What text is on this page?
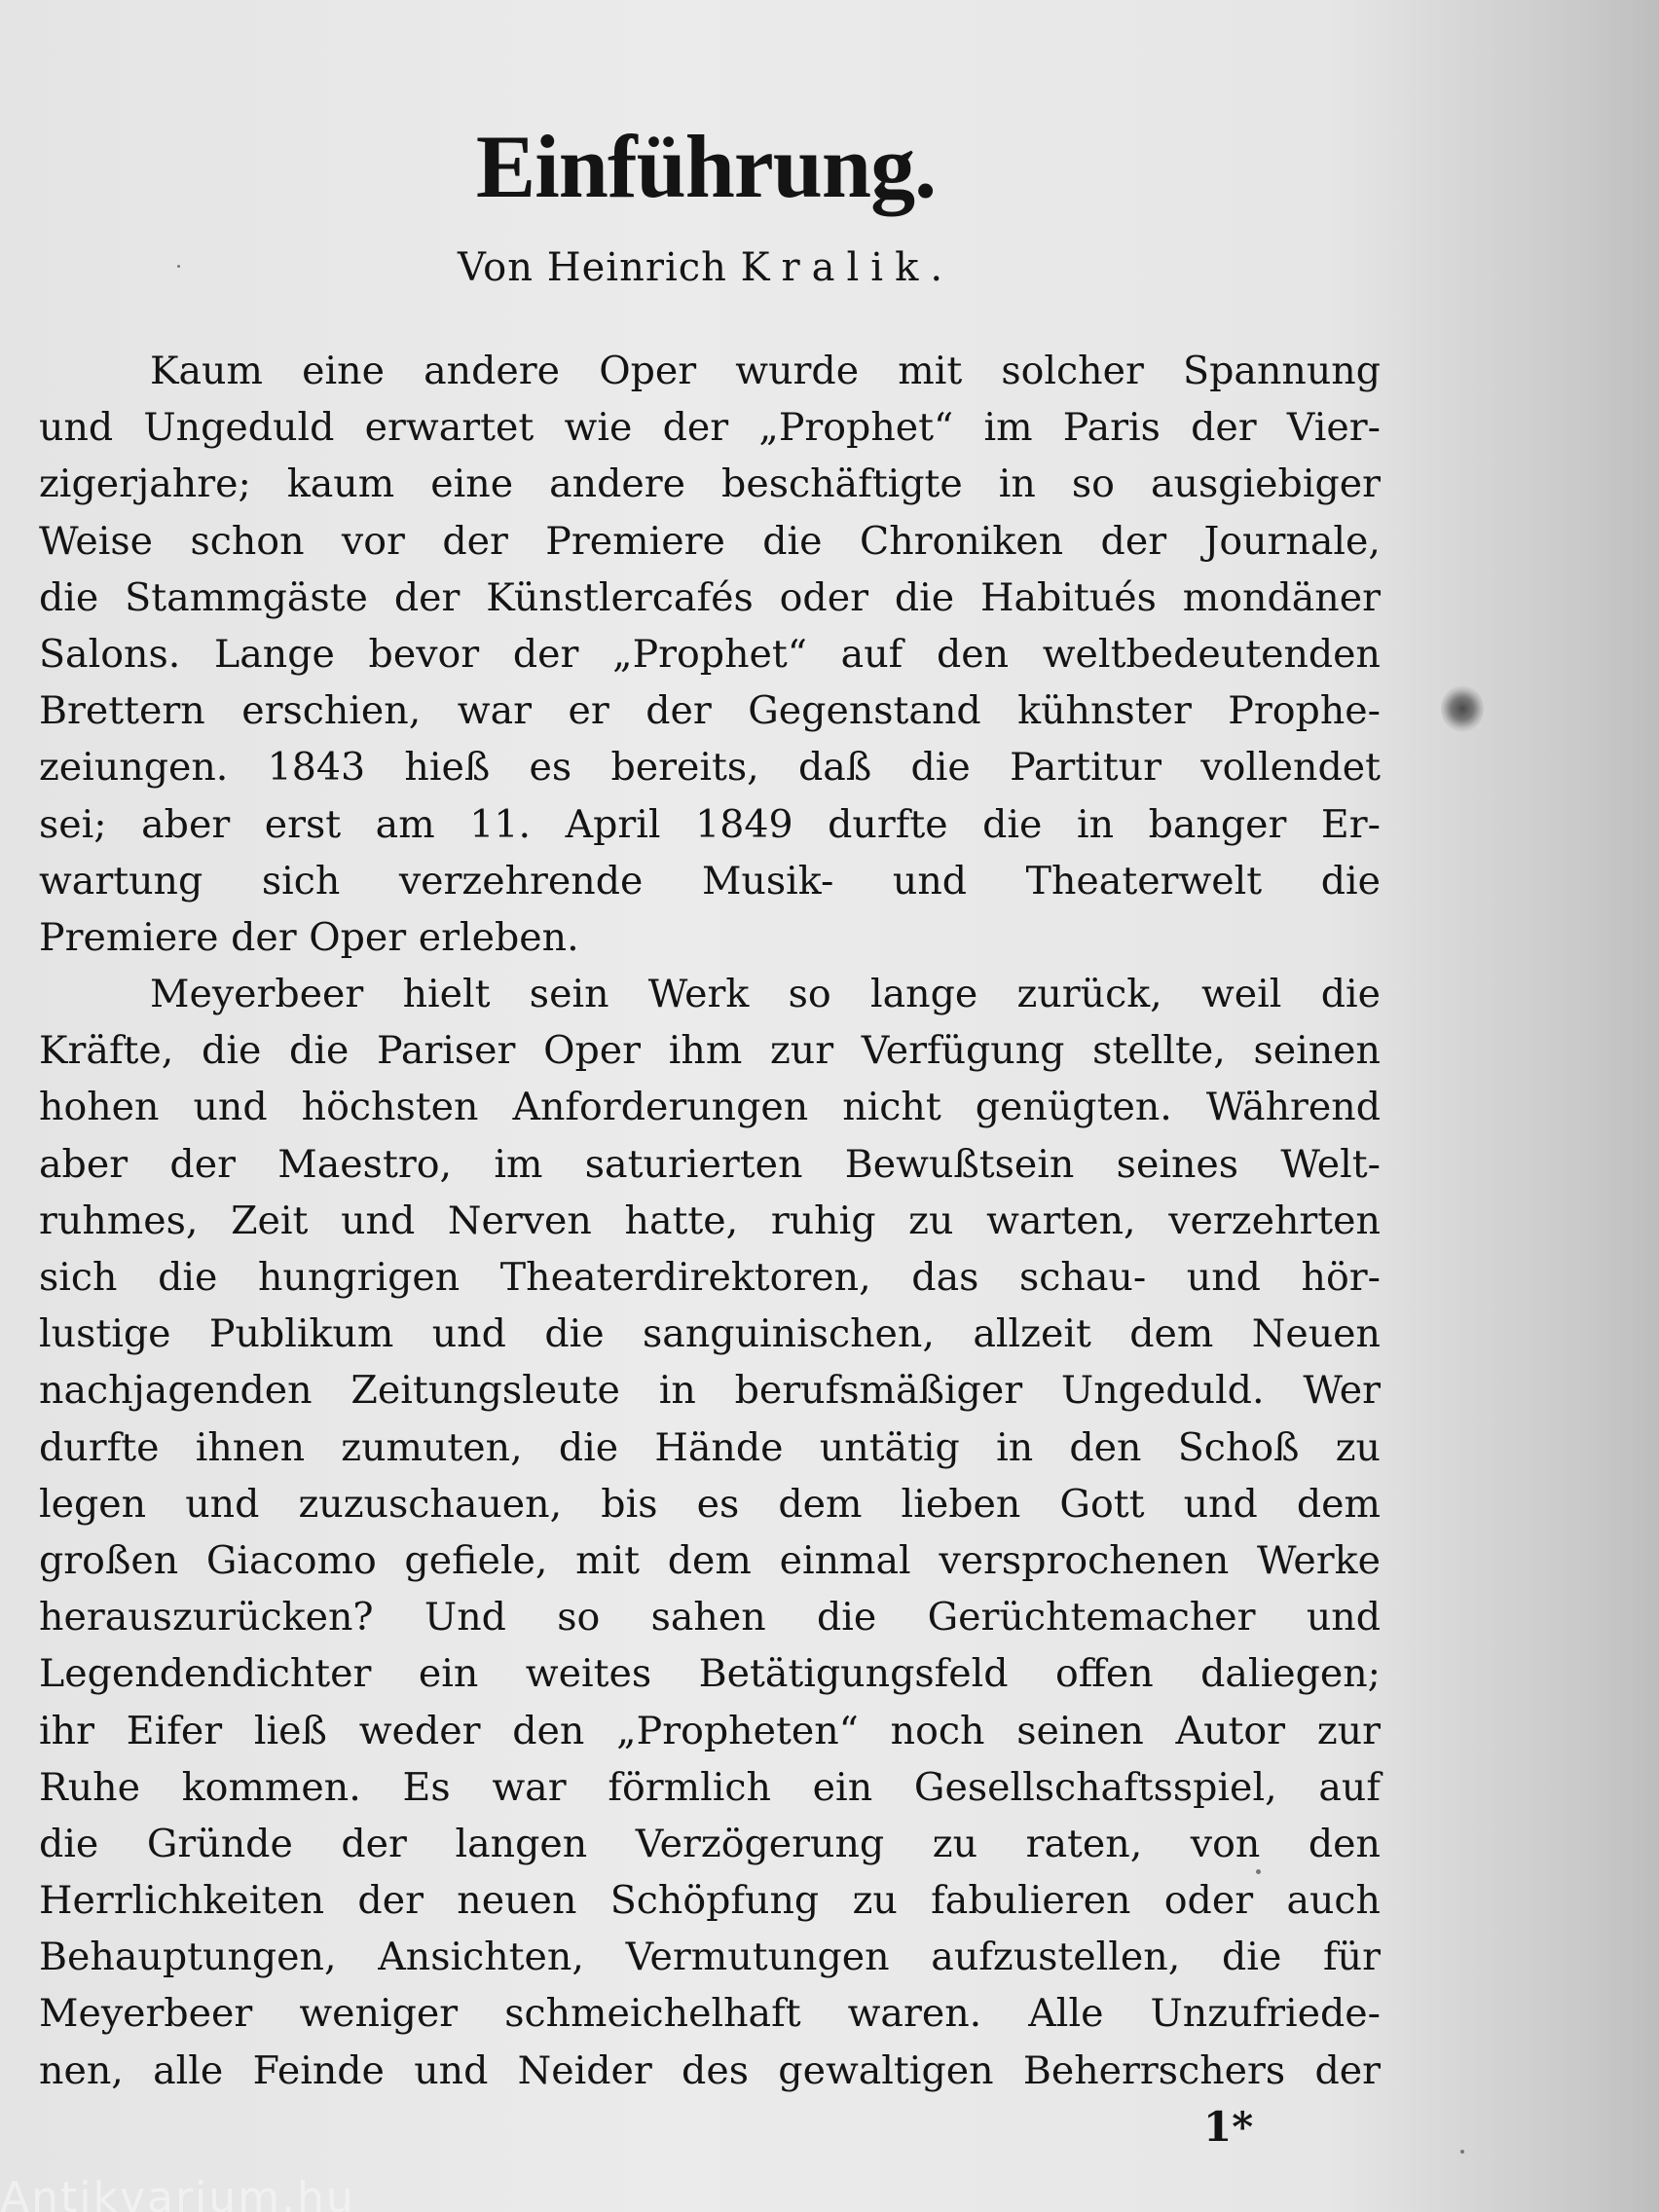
Einführung.

Von Heinrich Kralik.

Kaum eine andere Oper wurde mit solcher Spannung
und Ungeduld erwartet wie der „Prophet“ im Paris der Vier-
zigerjahre; kaum eine andere beschäftigte in so ausgiebiger
Weise schon vor der Premiere die Chroniken der Journale,
die Stammgäste der Künstlercafés oder die Habitués mondäner
Salons. Lange bevor der „Prophet“ auf den weltbedeutenden
Brettern erschien, war er der Gegenstand kühnster Prophe-
zeiungen. 1843 hieß es bereits, daß die Partitur vollendet
sei; aber erst am 11. April 1849 durfte die in banger Er-
wartung sich verzehrende Musik- und Theaterwelt die
Premiere der Oper erleben.
Meyerbeer hielt sein Werk so lange zurück, weil die
Kräfte, die die Pariser Oper ihm zur Verfügung stellte, seinen
hohen und höchsten Anforderungen nicht genügten. Während
aber der Maestro, im saturierten Bewußtsein seines Welt-
ruhmes, Zeit und Nerven hatte, ruhig zu warten, verzehrten
sich die hungrigen Theaterdirektoren, das schau- und hör-
lustige Publikum und die sanguinischen, allzeit dem Neuen
nachjagenden Zeitungsleute in berufsmäßiger Ungeduld. Wer
durfte ihnen zumuten, die Hände untätig in den Schoß zu
legen und zuzuschauen, bis es dem lieben Gott und dem
großen Giacomo gefiele, mit dem einmal versprochenen Werke
herauszurücken? Und so sahen die Gerüchtemacher und
Legendendichter ein weites Betätigungsfeld offen daliegen;
ihr Eifer ließ weder den „Propheten“ noch seinen Autor zur
Ruhe kommen. Es war förmlich ein Gesellschaftsspiel, auf
die Gründe der langen Verzögerung zu raten, von den
Herrlichkeiten der neuen Schöpfung zu fabulieren oder auch
Behauptungen, Ansichten, Vermutungen aufzustellen, die für
Meyerbeer weniger schmeichelhaft waren. Alle Unzufriede-
nen, alle Feinde und Neider des gewaltigen Beherrschers der

1*

Antikvarium.hu
